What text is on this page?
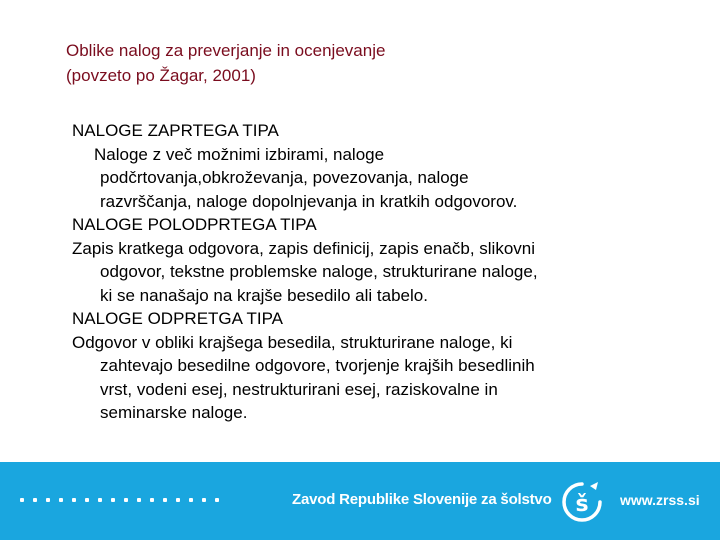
Oblike nalog za preverjanje in ocenjevanje
(povzeto po Žagar, 2001)
NALOGE ZAPRTEGA TIPA
Naloge z več možnimi izbirami, naloge
podčrtovanja,obkroževanja, povezovanja, naloge
razvrščanja, naloge dopolnjevanja in kratkih odgovorov.
NALOGE POLODPRTEGA TIPA
Zapis kratkega odgovora, zapis definicij, zapis enačb, slikovni
odgovor, tekstne problemske naloge, strukturirane naloge,
ki se nanašajo na krajše besedilo ali tabelo.
NALOGE ODPRETGA TIPA
Odgovor v obliki krajšega besedila, strukturirane naloge, ki
zahtevajo besedilne odgovore, tvorjenje krajših besedlinih
vrst, vodeni esej, nestrukturirani esej, raziskovalne in
seminarske naloge.
Zavod Republike Slovenije za šolstvo š www.zrss.si
